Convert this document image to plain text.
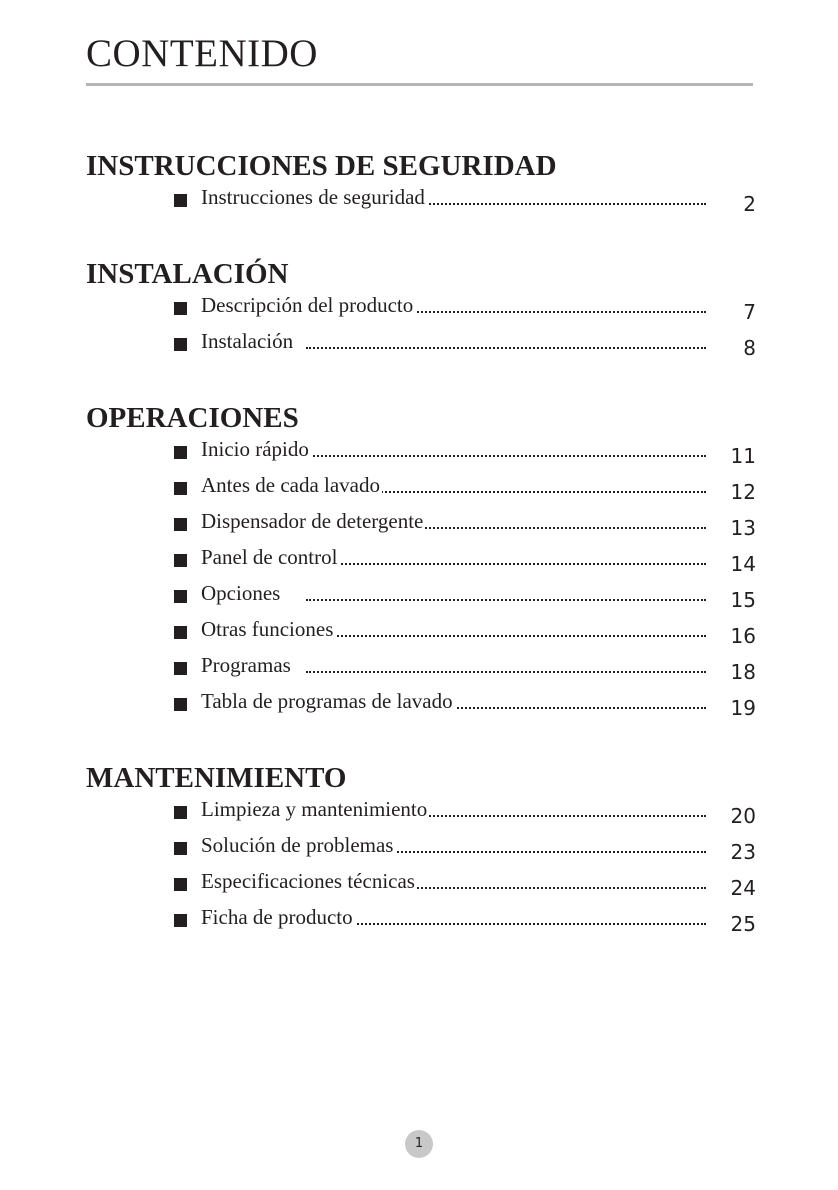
CONTENIDO
INSTRUCCIONES DE SEGURIDAD
Instrucciones de seguridad	2
INSTALACIÓN
Descripción del producto	7
Instalación	8
OPERACIONES
Inicio rápido	11
Antes de cada lavado	12
Dispensador de detergente	13
Panel de control	14
Opciones	15
Otras funciones	16
Programas	18
Tabla de programas de lavado	19
MANTENIMIENTO
Limpieza y mantenimiento	20
Solución de problemas	23
Especificaciones técnicas	24
Ficha de producto	25
1
